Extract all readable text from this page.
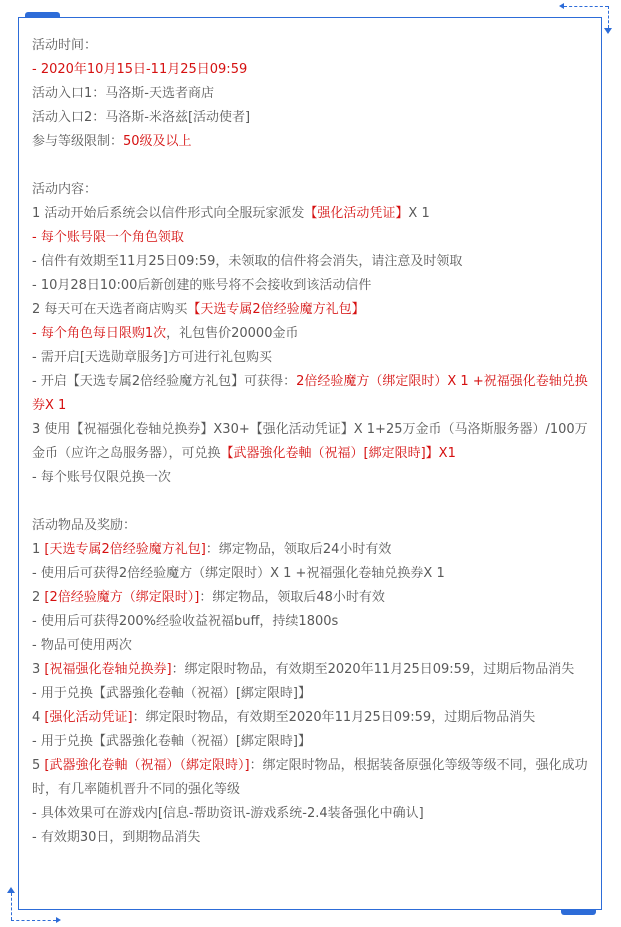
活动时间：
- 2020年10月15日-11月25日09:59
活动入口1：马洛斯-天选者商店
活动入口2：马洛斯-米洛兹[活动使者]
参与等级限制：50级及以上
活动内容：
1 活动开始后系统会以信件形式向全服玩家派发【强化活动凭证】X 1
- 每个账号限一个角色领取
- 信件有效期至11月25日09:59，未领取的信件将会消失，请注意及时领取
- 10月28日10:00后新创建的账号将不会接收到该活动信件
2 每天可在天选者商店购买【天选专属2倍经验魔方礼包】
- 每个角色每日限购1次，礼包售价20000金币
- 需开启[天选勋章服务]方可进行礼包购买
- 开启【天选专属2倍经验魔方礼包】可获得：2倍经验魔方（绑定限时）X 1 +祝福强化卷轴兑换券X 1
3 使用【祝福强化卷轴兑换券】X30+【强化活动凭证】X 1+25万金币（马洛斯服务器）/100万金币（应许之岛服务器），可兑换【武器強化卷軸（祝福）[綁定限時]】X1
- 每个账号仅限兑换一次
活动物品及奖励：
1 [天选专属2倍经验魔方礼包]：绑定物品，领取后24小时有效
- 使用后可获得2倍经验魔方（绑定限时）X 1 +祝福强化卷轴兑换券X 1
2 [2倍经验魔方（绑定限时）]：绑定物品，领取后48小时有效
- 使用后可获得200%经验收益祝福buff，持续1800s
- 物品可使用两次
3 [祝福强化卷轴兑换券]：绑定限时物品，有效期至2020年11月25日09:59，过期后物品消失
- 用于兑换【武器強化卷軸（祝福）[綁定限時]】
4 [强化活动凭证]：绑定限时物品，有效期至2020年11月25日09:59，过期后物品消失
- 用于兑换【武器強化卷軸（祝福）[綁定限時]】
5 [武器強化卷軸（祝福）（綁定限時）]：绑定限时物品，根据装备原强化等级等级不同，强化成功时，有几率随机晋升不同的强化等级
- 具体效果可在游戏内[信息-帮助资讯-游戏系统-2.4装备强化中确认]
- 有效期30日，到期物品消失
